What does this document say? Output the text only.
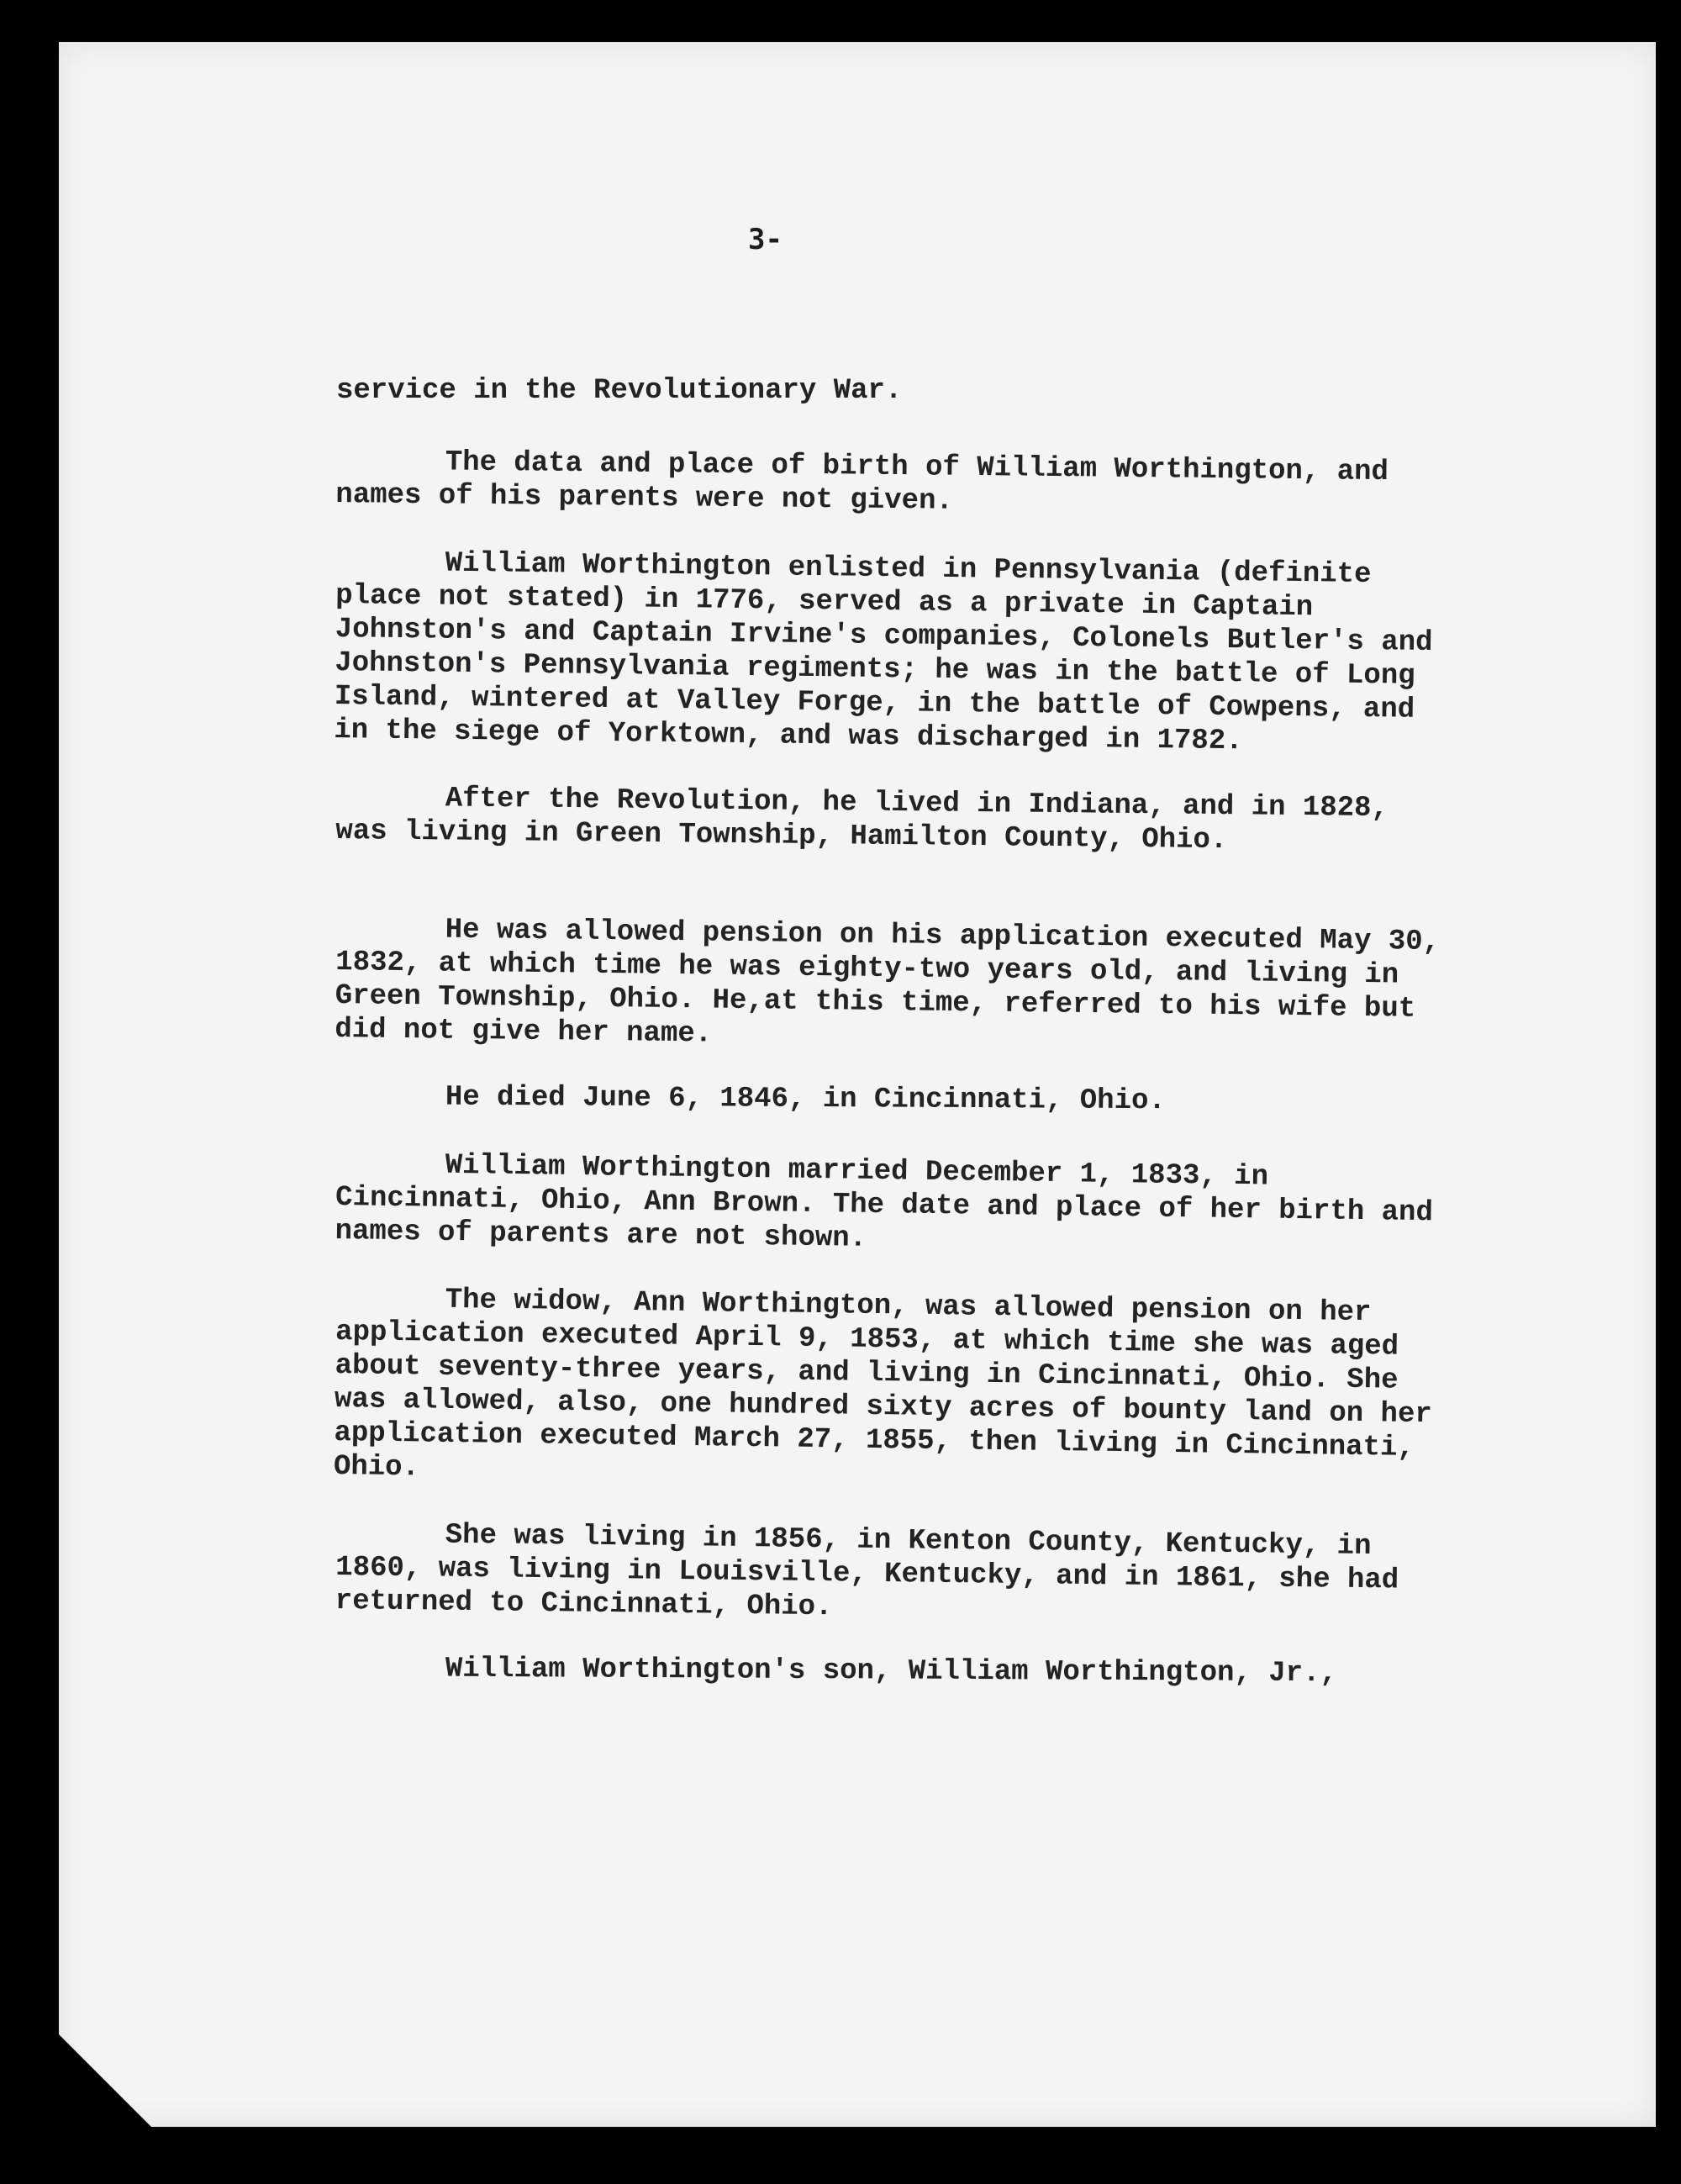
3-

service in the Revolutionary War.

The data and place of birth of William Worthington, and names of his parents were not given.

William Worthington enlisted in Pennsylvania (definite place not stated) in 1776, served as a private in Captain Johnston's and Captain Irvine's companies, Colonels Butler's and Johnston's Pennsylvania regiments; he was in the battle of Long Island, wintered at Valley Forge, in the battle of Cowpens, and in the siege of Yorktown, and was discharged in 1782.

After the Revolution, he lived in Indiana, and in 1828, was living in Green Township, Hamilton County, Ohio.

He was allowed pension on his application executed May 30, 1832, at which time he was eighty-two years old, and living in Green Township, Ohio. He,at this time, referred to his wife but did not give her name.

He died June 6, 1846, in Cincinnati, Ohio.

William Worthington married December 1, 1833, in Cincinnati, Ohio, Ann Brown. The date and place of her birth and names of parents are not shown.

The widow, Ann Worthington, was allowed pension on her application executed April 9, 1853, at which time she was aged about seventy-three years, and living in Cincinnati, Ohio. She was allowed, also, one hundred sixty acres of bounty land on her application executed March 27, 1855, then living in Cincinnati, Ohio.

She was living in 1856, in Kenton County, Kentucky, in 1860, was living in Louisville, Kentucky, and in 1861, she had returned to Cincinnati, Ohio.

William Worthington's son, William Worthington, Jr.,
